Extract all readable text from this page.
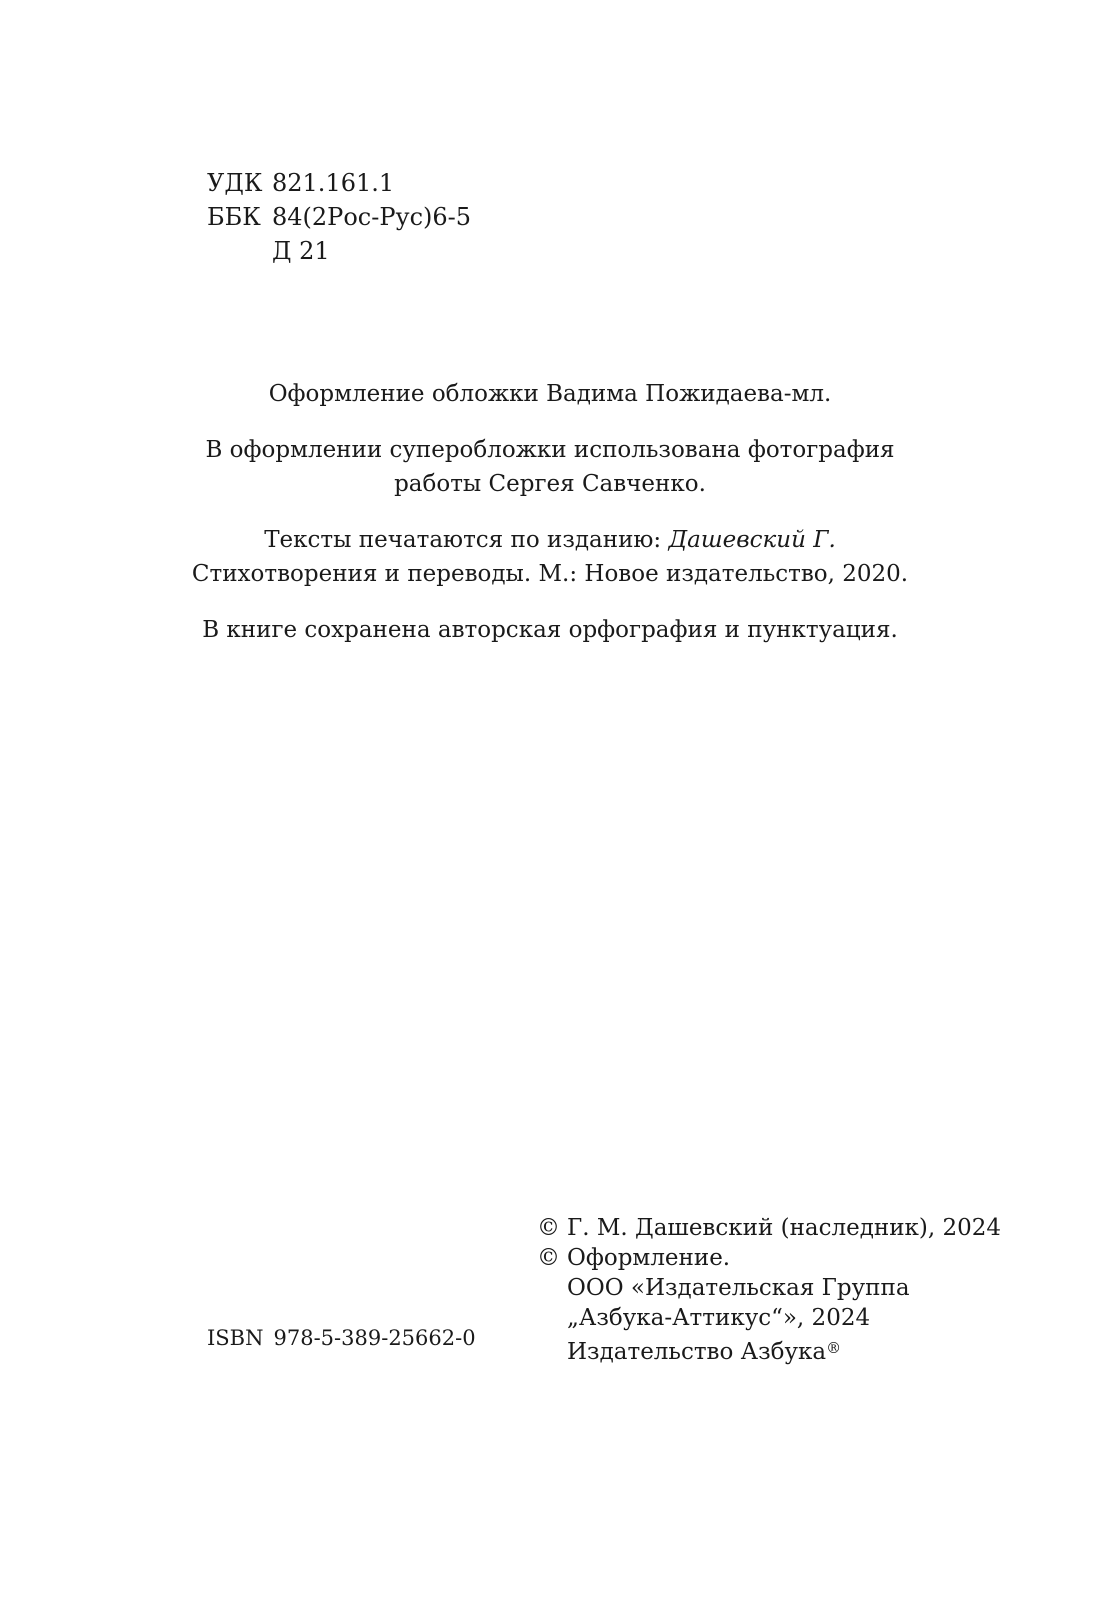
УДК 821.161.1
ББК 84(2Рос-Рус)6-5
Д 21

Оформление обложки Вадима Пожидаева-мл.

В оформлении суперобложки использована фотография

работы Сергея Савченко.

Тексты печатаются по изданию: Дашевский Г.

Стихотворения и переводы. М.: Новое издательство, 2020.

В книге сохранена авторская орфография и пунктуация.

© Г. М. Дашевский (наследник), 2024
© Оформление.
ООО «Издательская Группа
„Азбука-Аттикус“», 2024
Издательство Азбука®
ISBN 978-5-389-25662-0
